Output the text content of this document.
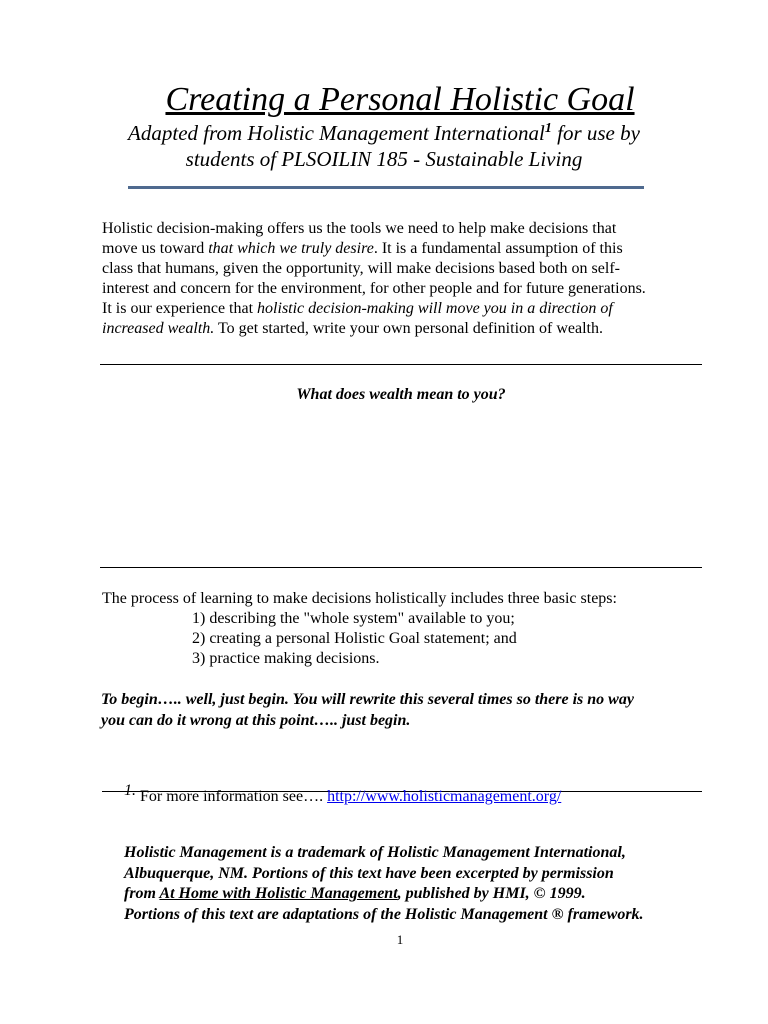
Creating a Personal Holistic Goal
Adapted from Holistic Management International$^1$ for use by
students of PLSOILIN 185 - Sustainable Living
Holistic decision-making offers us the tools we need to help make decisions that
move us toward that which we truly desire. It is a fundamental assumption of this
class that humans, given the opportunity, will make decisions based both on self-
interest and concern for the environment, for other people and for future generations.
It is our experience that holistic decision-making will move you in a direction of
increased wealth. To get started, write your own personal definition of wealth.
What does wealth mean to you?
The process of learning to make decisions holistically includes three basic steps:
1) describing the "whole system" available to you;
2) creating a personal Holistic Goal statement; and
3) practice making decisions.
To begin….. well, just begin. You will rewrite this several times so there is no way
you can do it wrong at this point….. just begin.
1. For more information see…. http://www.holisticmanagement.org/
Holistic Management is a trademark of Holistic Management International,
Albuquerque, NM. Portions of this text have been excerpted by permission
from At Home with Holistic Management, published by HMI, © 1999.
Portions of this text are adaptations of the Holistic Management ® framework.
1
